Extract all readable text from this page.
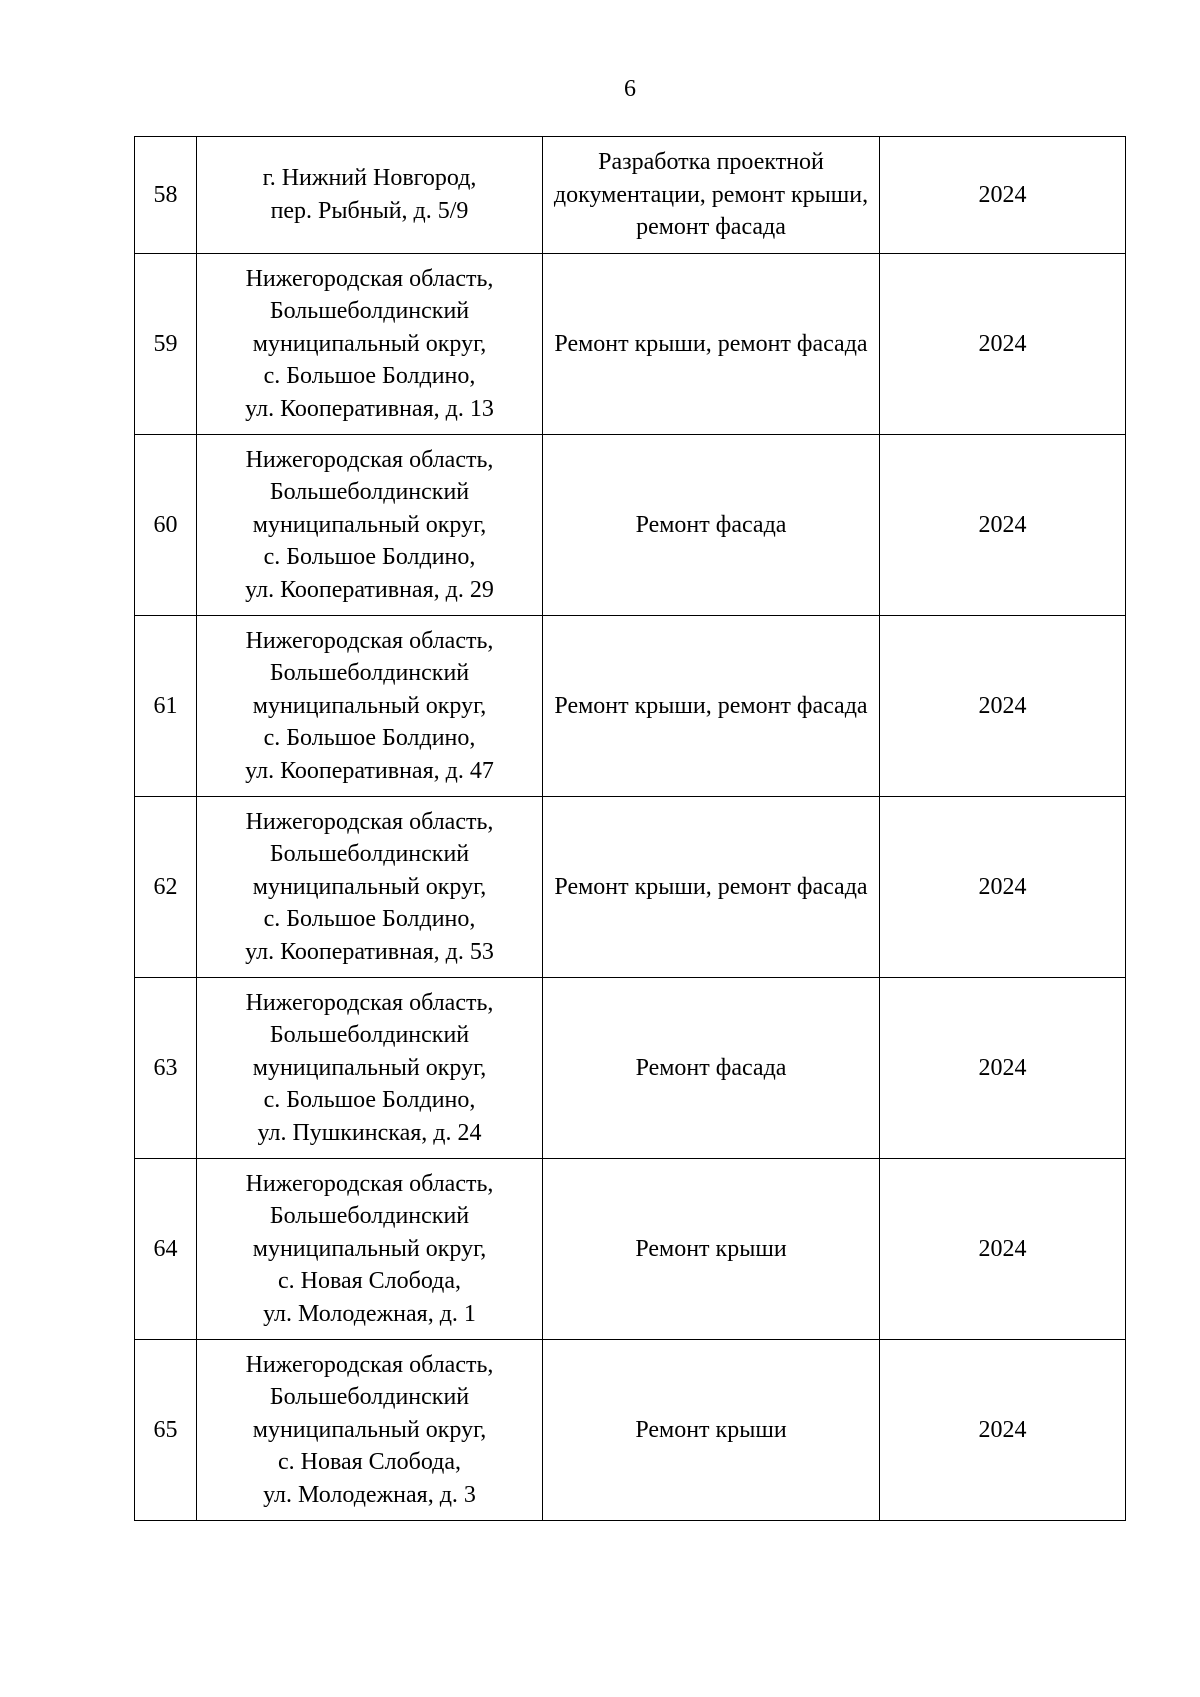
6
58	г. Нижний Новгород,
пер. Рыбный, д. 5/9	Разработка проектной документации, ремонт крыши, ремонт фасада	2024
59	Нижегородская область,
Большеболдинский
муниципальный округ,
с. Большое Болдино,
ул. Кооперативная, д. 13	Ремонт крыши, ремонт фасада	2024
60	Нижегородская область,
Большеболдинский
муниципальный округ,
с. Большое Болдино,
ул. Кооперативная, д. 29	Ремонт фасада	2024
61	Нижегородская область,
Большеболдинский
муниципальный округ,
с. Большое Болдино,
ул. Кооперативная, д. 47	Ремонт крыши, ремонт фасада	2024
62	Нижегородская область,
Большеболдинский
муниципальный округ,
с. Большое Болдино,
ул. Кооперативная, д. 53	Ремонт крыши, ремонт фасада	2024
63	Нижегородская область,
Большеболдинский
муниципальный округ,
с. Большое Болдино,
ул. Пушкинская, д. 24	Ремонт фасада	2024
64	Нижегородская область,
Большеболдинский
муниципальный округ,
с. Новая Слобода,
ул. Молодежная, д. 1	Ремонт крыши	2024
65	Нижегородская область,
Большеболдинский
муниципальный округ,
с. Новая Слобода,
ул. Молодежная, д. 3	Ремонт крыши	2024
